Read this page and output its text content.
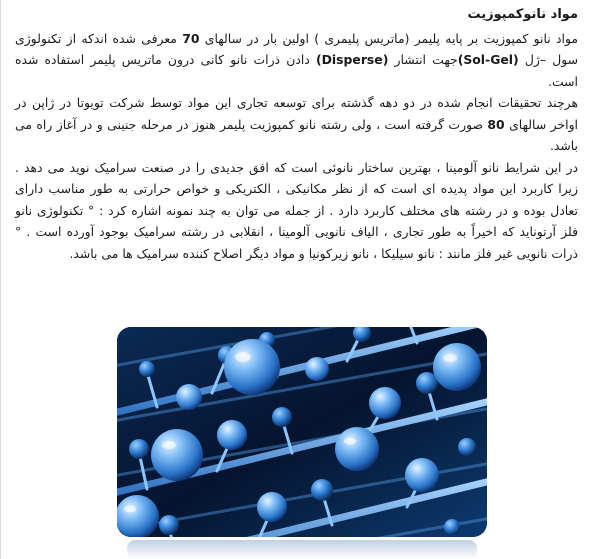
مواد نانوکمپوزیت

مواد نانو کمپوزیت بر پایه پلیمر (ماتریس پلیمری ) اولین بار در سالهای 70 معرفی شده اندکه از تکنولوژی سول –ژل (Sol-Gel)جهت انتشار (Disperse) دادن ذرات نانو کانی درون ماتریس پلیمر استفاده شده است.

هرچند تحقیقات انجام شده در دو دهه گذشته برای توسعه تجاری این مواد توسط شرکت تویوتا در ژاپن در اواخر سالهای 80 صورت گرفته است ، ولی رشته نانو کمپوزیت پلیمر هنوز در مرحله جنینی و در آغاز راه می باشد.

در این شرایط نانو آلومینا ، بهترین ساختار نانوئی است که افق جدیدی را در صنعت سرامیک نوید می دهد . زیرا کاربرد این مواد پدیده ای است که از نظر مکانیکی ، الکتریکی و خواص حرارتی به طور مناسب دارای تعادل بوده و در رشته های مختلف کاربرد دارد . از جمله می توان به چند نمونه اشاره کرد : ° تکنولوژی نانو فلز آرتونايد که اخیراً به طور تجاری ، الیاف نانویی آلومینا ، انقلابی در رشته سرامیک بوجود آورده است . ° ذرات نانویی غیر فلز مانند : نانو سیلیکا ، نانو زیرکونیا و مواد دیگر اصلاح کننده سرامیک ها می باشد.
